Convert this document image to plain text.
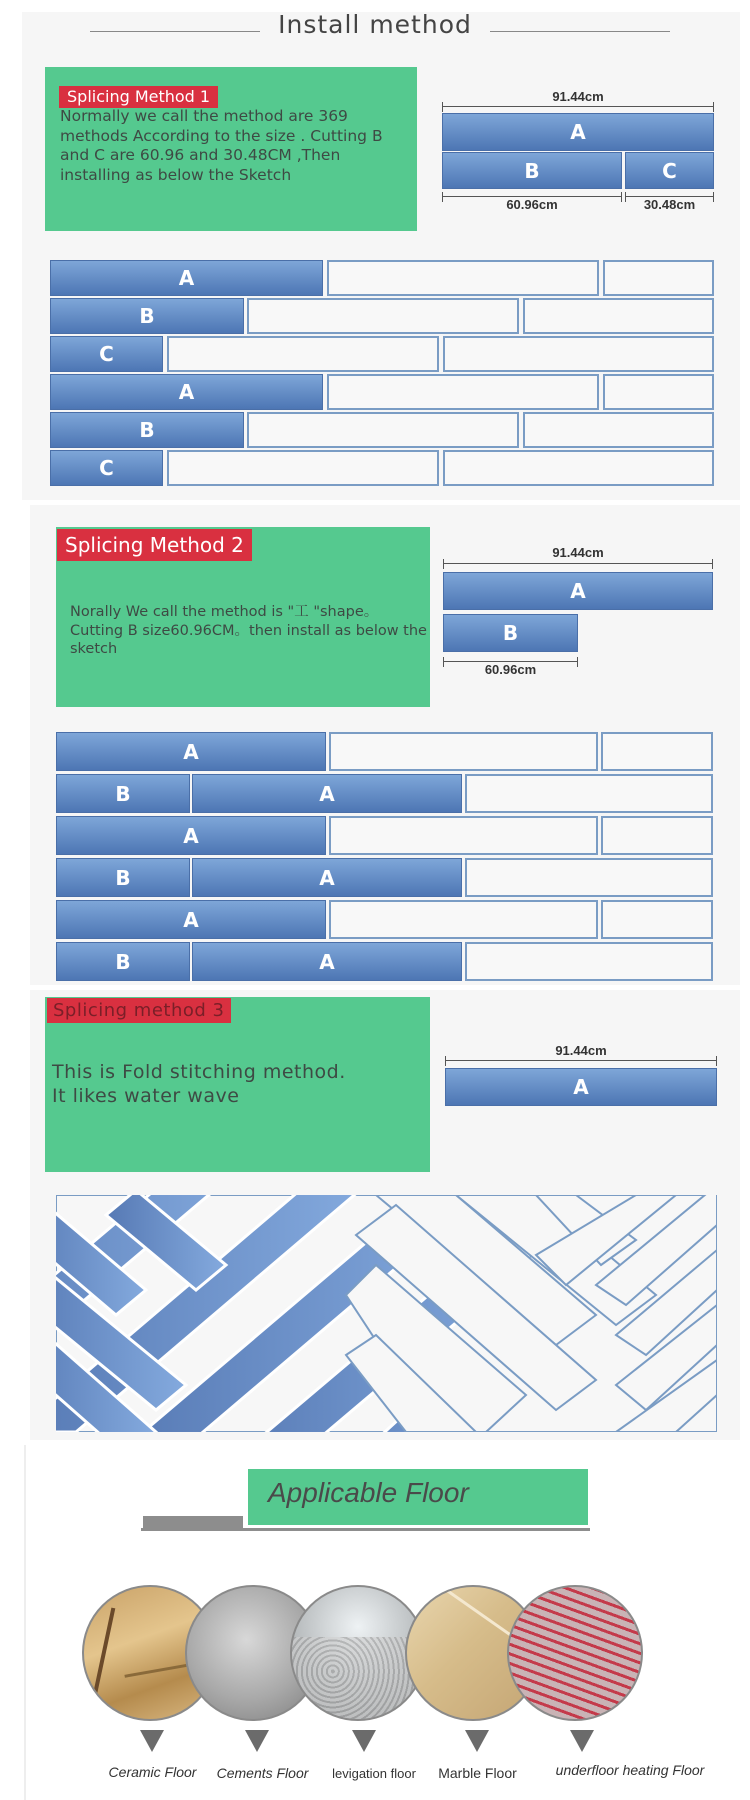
Install method
Splicing Method 1
Normally we call the method are 369 methods According to the size . Cutting B and C are 60.96 and 30.48CM ,Then installing as below the Sketch
91.44cm
A
B	C
60.96cm	30.48cm
A
B
C
A
B
C
Splicing Method 2
Norally We call the method is "工 "shape。Cutting B size60.96CM。then install as below the sketch
91.44cm
A
B
60.96cm
A
B	A
A
B	A
A
B	A
Splicing method 3
This is Fold stitching method.
It likes water wave
91.44cm
A
Applicable Floor
Ceramic Floor	Cements Floor	levigation floor	Marble Floor	underfloor heating Floor
